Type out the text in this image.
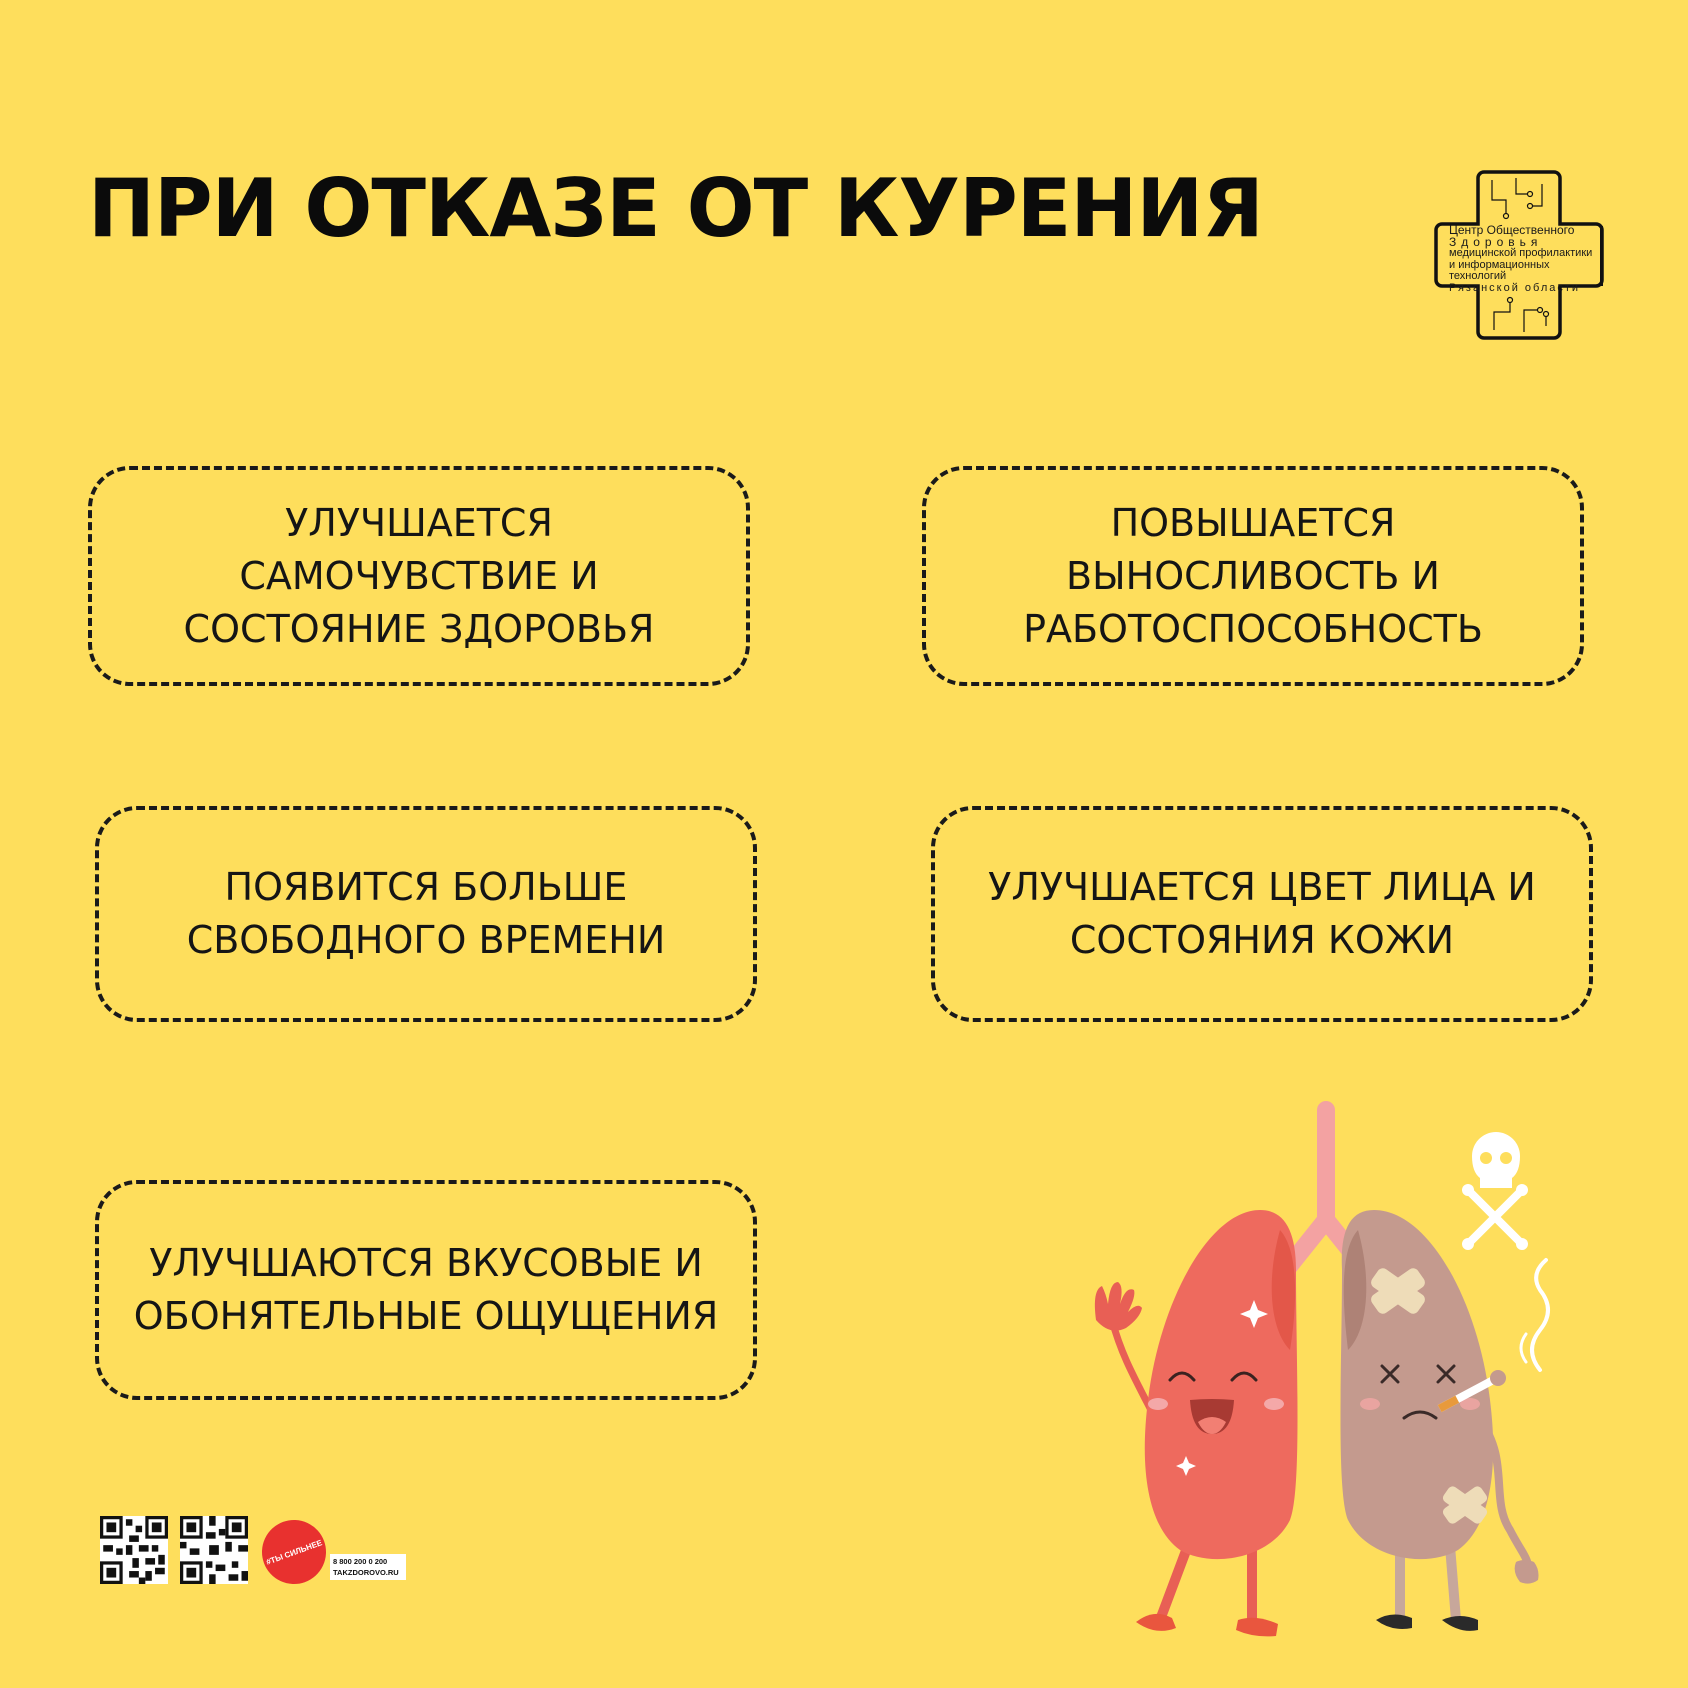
ПРИ ОТКАЗЕ ОТ КУРЕНИЯ	Центр Общественного
Здоровья
медицинской профилактики
и информационных технологий
Рязанской области
УЛУЧШАЕТСЯ
САМОЧУВСТВИЕ И
СОСТОЯНИЕ ЗДОРОВЬЯ
ПОВЫШАЕТСЯ
ВЫНОСЛИВОСТЬ И
РАБОТОСПОСОБНОСТЬ
ПОЯВИТСЯ БОЛЬШЕ
СВОБОДНОГО ВРЕМЕНИ
УЛУЧШАЕТСЯ ЦВЕТ ЛИЦА И
СОСТОЯНИЯ КОЖИ
УЛУЧШАЮТСЯ ВКУСОВЫЕ И
ОБОНЯТЕЛЬНЫЕ ОЩУЩЕНИЯ
#ТЫ СИЛЬНЕЕ	8 800 200 0 200
TAKZDOROVO.RU
